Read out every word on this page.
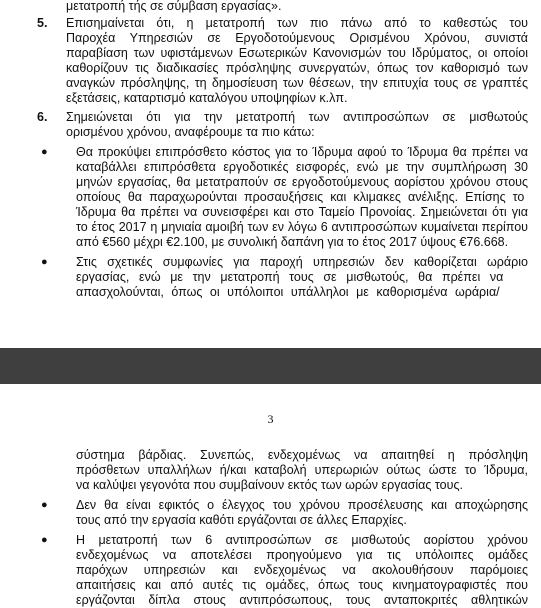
μετατροπή τής σε σύμβαση εργασίας».
5. Επισημαίνεται ότι, η μετατροπή των πιο πάνω από το καθεστώς του
Παροχέα Υπηρεσιών σε Εργοδοτούμενους Ορισμένου Χρόνου, συνιστά
παραβίαση των υφιστάμενων Εσωτερικών Κανονισμών του Ιδρύματος, οι οποίοι
καθορίζουν τις διαδικασίες πρόσληψης συνεργατών, όπως τον καθορισμό των
αναγκών πρόσληψης, τη δημοσίευση των θέσεων, την επιτυχία τους σε γραπτές
εξετάσεις, καταρτισμό καταλόγου υποψηφίων κ.λπ.
6. Σημειώνεται ότι για την μετατροπή των αντιπροσώπων σε μισθωτούς
ορισμένου χρόνου, αναφέρουμε τα πιο κάτω:
● Θα προκύψει επιπρόσθετο κόστος για το Ίδρυμα αφού το Ίδρυμα θα πρέπει να
καταβάλλει επιπρόσθετα εργοδοτικές εισφορές, ενώ με την συμπλήρωση 30
μηνών εργασίας, θα μετατραπούν σε εργοδοτούμενους αορίστου χρόνου στους
οποίους θα παραχωρούνται προσαυξήσεις και κλιμακες ανέλιξης. Επίσης το
Ίδρυμα θα πρέπει να συνεισφέρει και στο Ταμείο Προνοίας. Σημειώνεται ότι για
το έτος 2017 η μηνιαία αμοιβή των εν λόγω 6 αντιπροσώπων κυμαίνεται περίπου
από €560 μέχρι €2.100, με συνολική δαπάνη για το έτος 2017 ύψους €76.668.
● Στις σχετικές συμφωνίες για παροχή υπηρεσιών δεν καθορίζεται ωράριο
εργασίας, ενώ με την μετατροπή τους σε μισθωτούς, θα πρέπει να
απασχολούνται, όπως οι υπόλοιποι υπάλληλοι με καθορισμένα ωράρια/
3
σύστημα βάρδιας. Συνεπώς, ενδεχομένως να απαιτηθεί η πρόσληψη
πρόσθετων υπαλλήλων ή/και καταβολή υπερωριών ούτως ώστε το Ίδρυμα,
να καλύψει γεγονότα που συμβαίνουν εκτός των ωρών εργασίας τους.
● Δεν θα είναι εφικτός ο έλεγχος του χρόνου προσέλευσης και αποχώρησης
τους από την εργασία καθότι εργάζονται σε άλλες Επαρχίες.
● Η μετατροπή των 6 αντιπροσώπων σε μισθωτούς αορίστου χρόνου
ενδεχομένως να αποτελέσει προηγούμενο για τις υπόλοιπες ομάδες
παρόχων υπηρεσιών και ενδεχομένως να ακολουθήσουν παρόμοιες
απαιτήσεις και από αυτές τις ομάδες, όπως τους κινηματογραφιστές που
εργάζονται δίπλα στους αντιπρόσωπους, τους ανταποκριτές αθλητικών
